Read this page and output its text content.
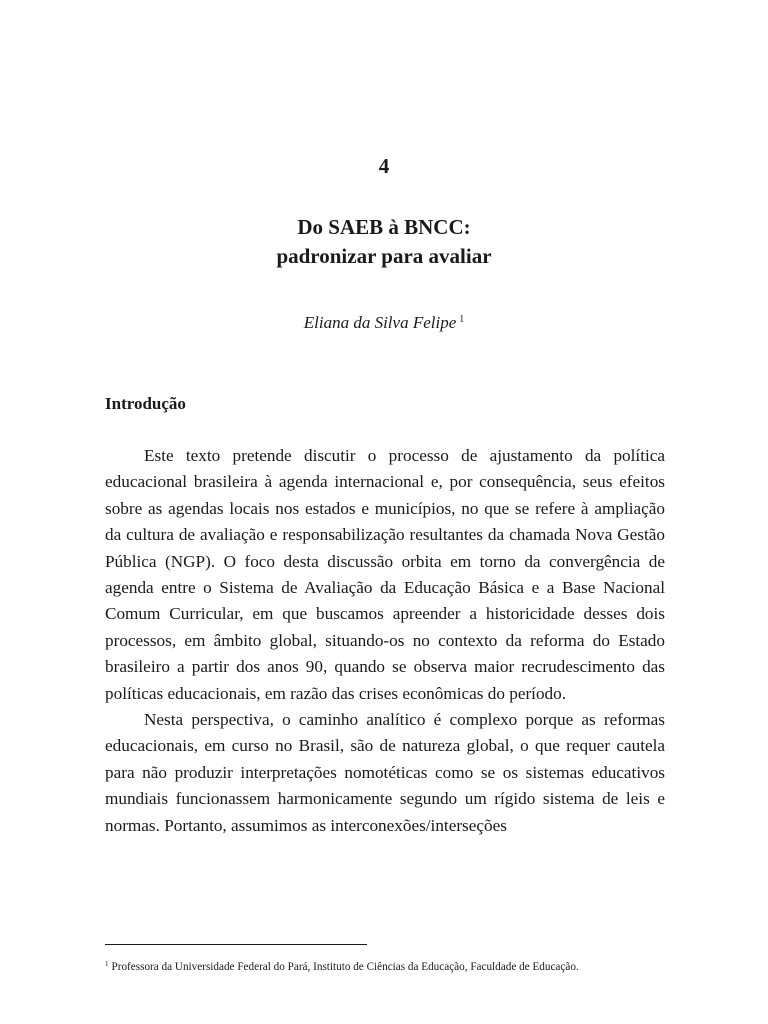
4
Do SAEB à BNCC:
padronizar para avaliar
Eliana da Silva Felipe $^1$
Introdução

Este texto pretende discutir o processo de ajustamento da política educacional brasileira à agenda internacional e, por consequência, seus efeitos sobre as agendas locais nos estados e municípios, no que se refere à ampliação da cultura de avaliação e responsabilização resultantes da chamada Nova Gestão Pública (NGP). O foco desta discussão orbita em torno da convergência de agenda entre o Sistema de Avaliação da Educação Básica e a Base Nacional Comum Curricular, em que buscamos apreender a historicidade desses dois processos, em âmbito global, situando-os no contexto da reforma do Estado brasileiro a partir dos anos 90, quando se observa maior recrudescimento das políticas educacionais, em razão das crises econômicas do período.

Nesta perspectiva, o caminho analítico é complexo porque as reformas educacionais, em curso no Brasil, são de natureza global, o que requer cautela para não produzir interpretações nomotéticas como se os sistemas educativos mundiais funcionassem harmonicamente segundo um rígido sistema de leis e normas. Portanto, assumimos as interconexões/interseções

$^1$ Professora da Universidade Federal do Pará, Instituto de Ciências da Educação, Faculdade de Educação.
